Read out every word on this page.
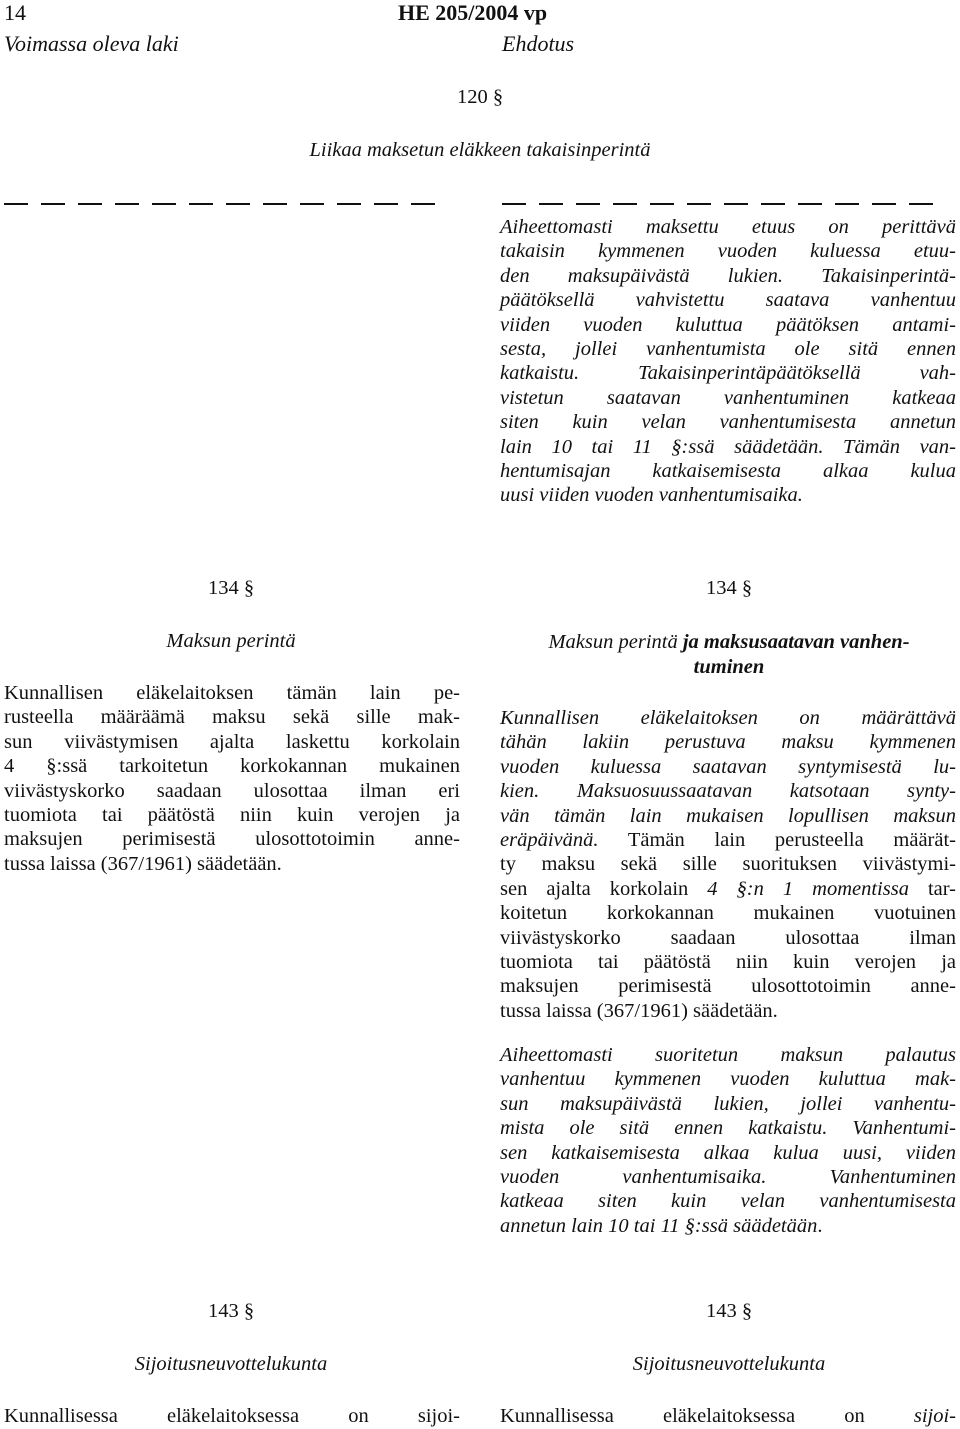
14	HE 205/2004 vp
Voimassa oleva laki	Ehdotus
120 §
Liikaa maksetun eläkkeen takaisinperintä
Aiheettomasti maksettu etuus on perittävä
takaisin kymmenen vuoden kuluessa etuu-
den maksupäivästä lukien. Takaisinperintä-
päätöksellä vahvistettu saatava vanhentuu
viiden vuoden kuluttua päätöksen antami-
sesta, jollei vanhentumista ole sitä ennen
katkaistu. Takaisinperintäpäätöksellä vah-
vistetun saatavan vanhentuminen katkeaa
siten kuin velan vanhentumisesta annetun
lain 10 tai 11 §:ssä säädetään. Tämän van-
hentumisajan katkaisemisesta alkaa kulua
uusi viiden vuoden vanhentumisaika.
134 §
Maksun perintä
Kunnallisen eläkelaitoksen tämän lain pe-
rusteella määräämä maksu sekä sille mak-
sun viivästymisen ajalta laskettu korkolain
4 §:ssä tarkoitetun korkokannan mukainen
viivästyskorko saadaan ulosottaa ilman eri
tuomiota tai päätöstä niin kuin verojen ja
maksujen perimisestä ulosottotoimin anne-
tussa laissa (367/1961) säädetään.
134 §
Maksun perintä ja maksusaatavan vanhen-
tuminen
Kunnallisen eläkelaitoksen on määrättävä
tähän lakiin perustuva maksu kymmenen
vuoden kuluessa saatavan syntymisestä lu-
kien. Maksuosuussaatavan katsotaan synty-
vän tämän lain mukaisen lopullisen maksun
eräpäivänä. Tämän lain perusteella määrät-
ty maksu sekä sille suorituksen viivästymi-
sen ajalta korkolain 4 §:n 1 momentissa tar-
koitetun korkokannan mukainen vuotuinen
viivästyskorko saadaan ulosottaa ilman
tuomiota tai päätöstä niin kuin verojen ja
maksujen perimisestä ulosottotoimin anne-
tussa laissa (367/1961) säädetään.
Aiheettomasti suoritetun maksun palautus
vanhentuu kymmenen vuoden kuluttua mak-
sun maksupäivästä lukien, jollei vanhentu-
mista ole sitä ennen katkaistu. Vanhentumi-
sen katkaisemisesta alkaa kulua uusi, viiden
vuoden vanhentumisaika. Vanhentuminen
katkeaa siten kuin velan vanhentumisesta
annetun lain 10 tai 11 §:ssä säädetään.
143 §
Sijoitusneuvottelukunta
Kunnallisessa eläkelaitoksessa on sijoi-
143 §
Sijoitusneuvottelukunta
Kunnallisessa eläkelaitoksessa on sijoi-
